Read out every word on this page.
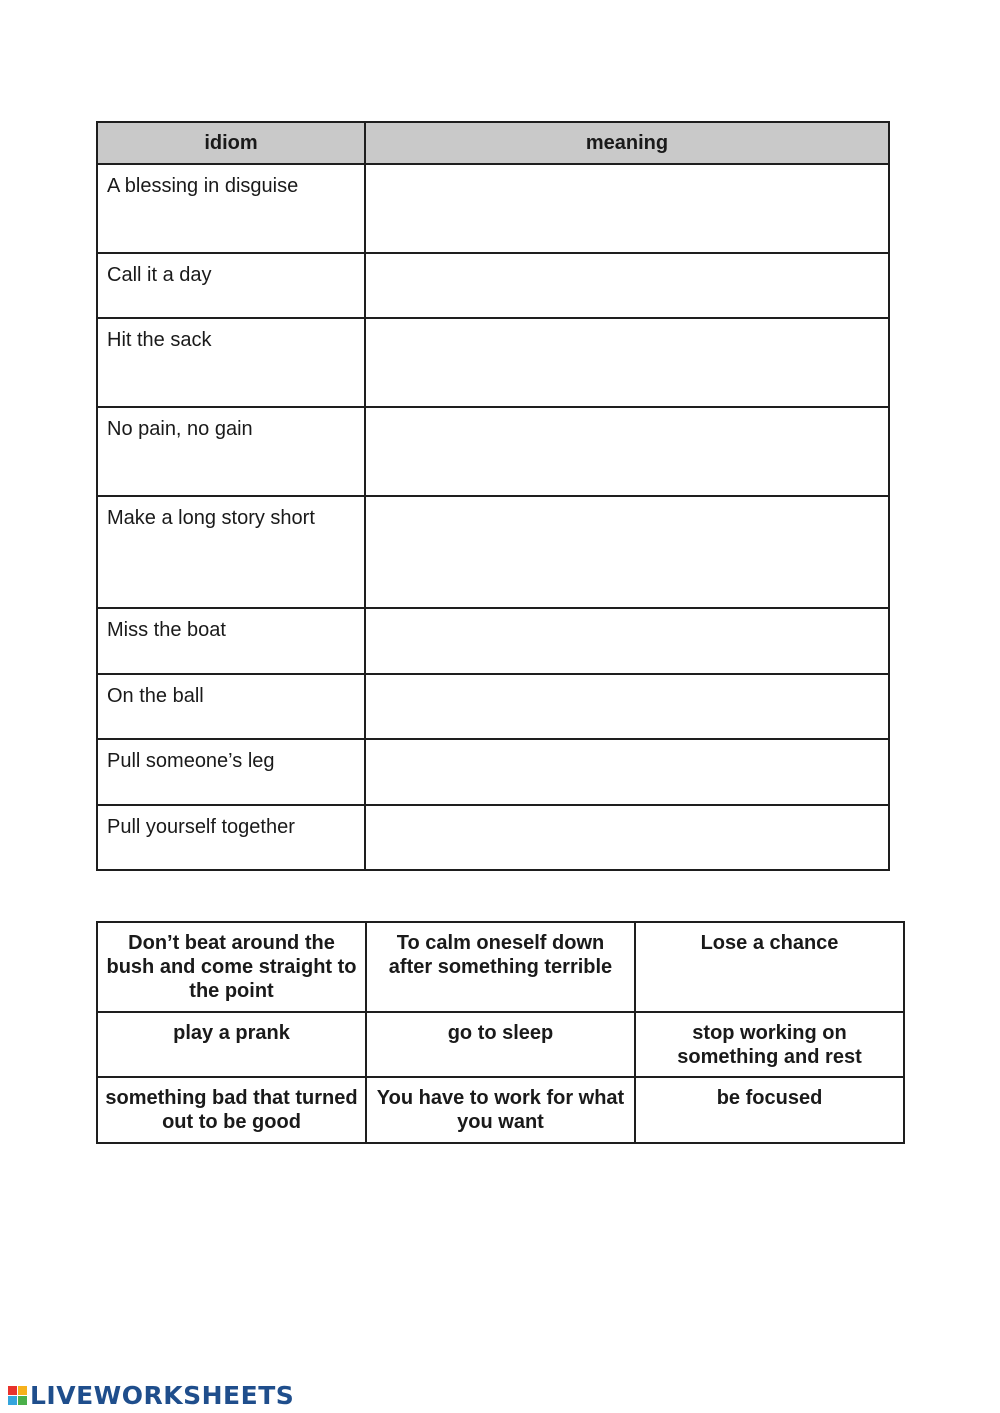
idiom	meaning
A blessing in disguise	
Call it a day	
Hit the sack	
No pain, no gain	
Make a long story short	
Miss the boat	
On the ball	
Pull someone’s leg	
Pull yourself together	
Don’t beat around the bush and come straight to the point	To calm oneself down after something terrible	Lose a chance
play a prank	go to sleep	stop working on something and rest
something bad that turned out to be good	You have to work for what you want	be focused
LIVEWORKSHEETS
